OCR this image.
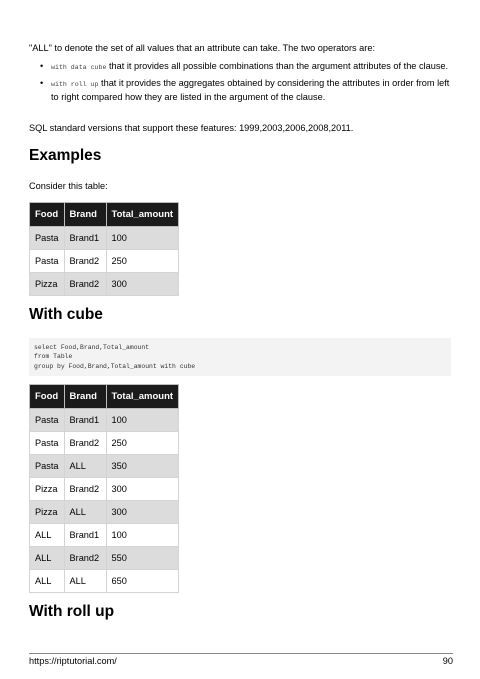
"ALL" to denote the set of all values that an attribute can take. The two operators are:

• with data cube that it provides all possible combinations than the argument attributes of the clause.
• with roll up that it provides the aggregates obtained by considering the attributes in order from left to right compared how they are listed in the argument of the clause.

SQL standard versions that support these features: 1999,2003,2006,2008,2011.

Examples

Consider this table:

Food	Brand	Total_amount
Pasta	Brand1	100
Pasta	Brand2	250
Pizza	Brand2	300
With cube
select Food,Brand,Total_amount
from Table
group by Food,Brand,Total_amount with cube
Food	Brand	Total_amount
Pasta	Brand1	100
Pasta	Brand2	250
Pasta	ALL	350
Pizza	Brand2	300
Pizza	ALL	300
ALL	Brand1	100
ALL	Brand2	550
ALL	ALL	650
With roll up
https://riptutorial.com/	90
